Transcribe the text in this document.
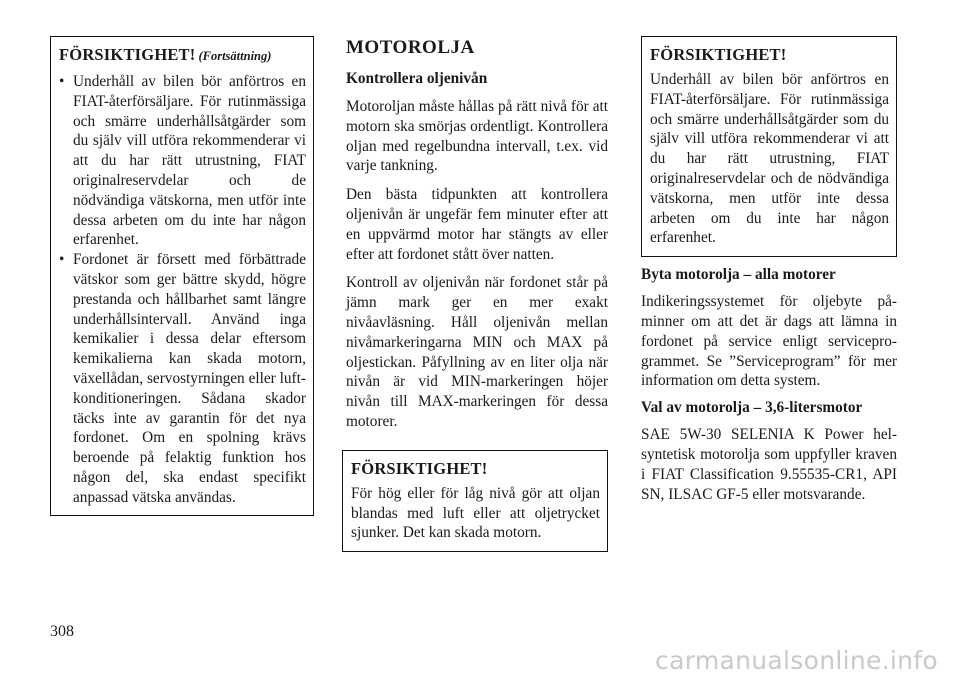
FÖRSIKTIGHET! (Fortsättning)
• Underhåll av bilen bör anförtros en FIAT-återförsäljare. För rutinmässiga och smärre underhållsåtgärder som du själv vill utföra rekommenderar vi att du har rätt utrustning, FIAT originalreservdelar och de nödvändiga vätskorna, men utför inte dessa arbeten om du inte har någon erfarenhet.
• Fordonet är försett med förbättrade vätskor som ger bättre skydd, högre prestanda och hållbarhet samt längre underhållsintervall. Använd inga kemikalier i dessa delar eftersom kemikalierna kan skada motorn, växellådan, servostyrningen eller luftkonditioneringen. Sådana skador täcks inte av garantin för det nya fordonet. Om en spolning krävs beroende på felaktig funktion hos någon del, ska endast specifikt anpassad vätska användas.
MOTOROLJA
Kontrollera oljenivån

Motoroljan måste hållas på rätt nivå för att motorn ska smörjas ordentligt. Kontrollera oljan med regelbundna intervall, t.ex. vid varje tankning.

Den bästa tidpunkten att kontrollera oljenivån är ungefär fem minuter efter att en uppvärmd motor har stängts av eller efter att fordonet stått över natten.

Kontroll av oljenivån när fordonet står på jämn mark ger en mer exakt nivåavläsning. Håll oljenivån mellan nivåmarkeringarna MIN och MAX på oljestickan. Påfyllning av en liter olja när nivån är vid MIN-markeringen höjer nivån till MAX-markeringen för dessa motorer.

FÖRSIKTIGHET!

För hög eller för låg nivå gör att oljan blandas med luft eller att oljetrycket sjunker. Det kan skada motorn.

FÖRSIKTIGHET!

Underhåll av bilen bör anförtros en FIAT-återförsäljare. För rutinmässiga och smärre underhållsåtgärder som du själv vill utföra rekommenderar vi att du har rätt utrustning, FIAT originalreservdelar och de nödvändiga vätskorna, men utför inte dessa arbeten om du inte har någon erfarenhet.

Byta motorolja – alla motorer

Indikeringssystemet för oljebyte påminner om att det är dags att lämna in fordonet på service enligt serviceprogrammet. Se ”Serviceprogram” för mer information om detta system.

Val av motorolja – 3,6-litersmotor

SAE 5W-30 SELENIA K Power helsyntetisk motorolja som uppfyller kraven i FIAT Classification 9.55535-CR1, API SN, ILSAC GF-5 eller motsvarande.

308
carmanualsonline.info
